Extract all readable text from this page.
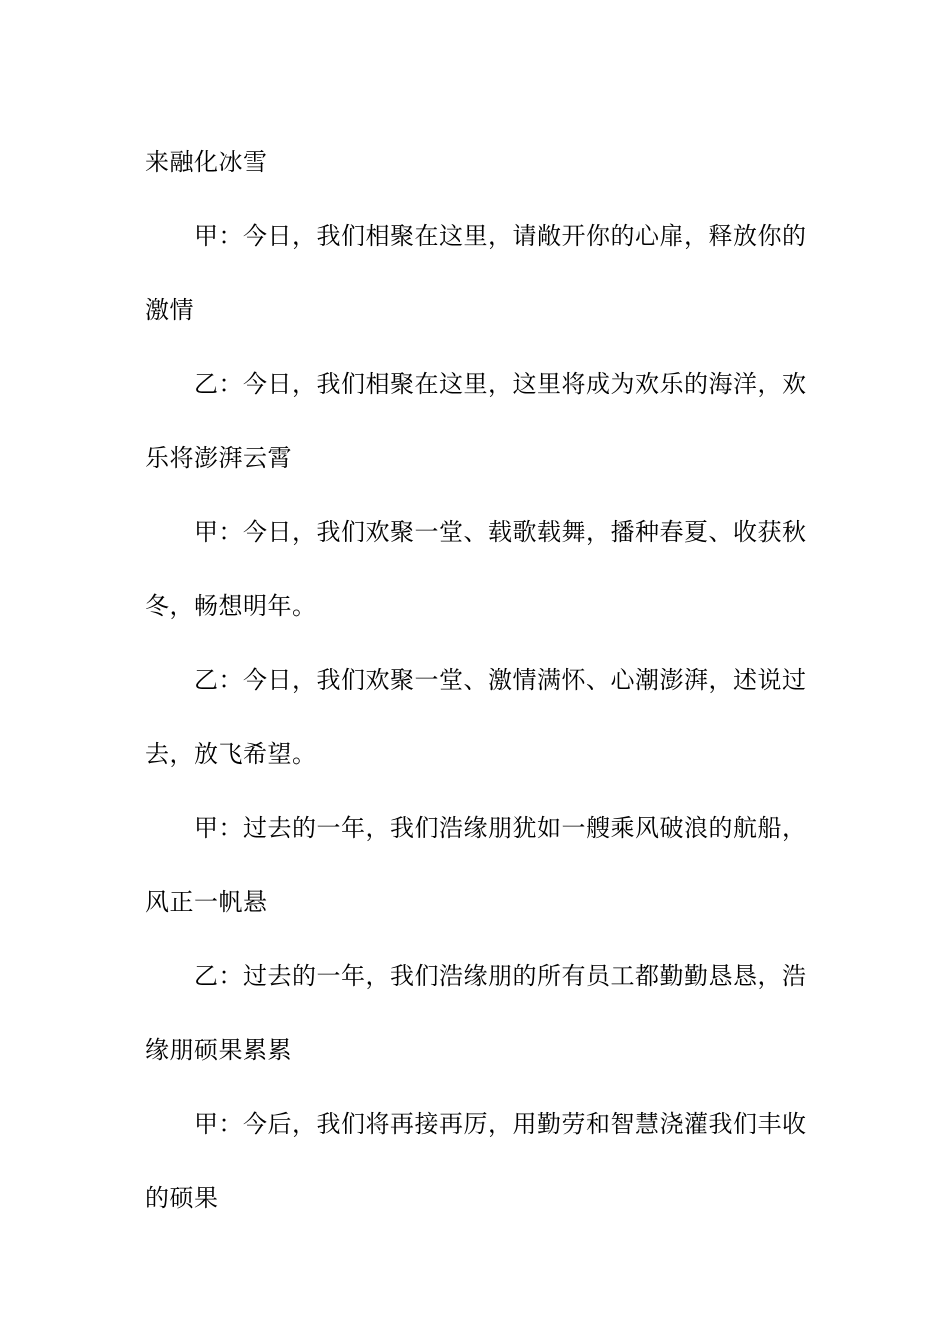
来融化冰雪

甲：今日，我们相聚在这里，请敞开你的心扉，释放你的

激情

乙：今日，我们相聚在这里，这里将成为欢乐的海洋，欢

乐将澎湃云霄

甲：今日，我们欢聚一堂、载歌载舞，播种春夏、收获秋

冬，畅想明年。

乙：今日，我们欢聚一堂、激情满怀、心潮澎湃，述说过

去，放飞希望。

甲：过去的一年，我们浩缘朋犹如一艘乘风破浪的航船，

风正一帆悬

乙：过去的一年，我们浩缘朋的所有员工都勤勤恳恳，浩

缘朋硕果累累

甲：今后，我们将再接再厉，用勤劳和智慧浇灌我们丰收

的硕果
